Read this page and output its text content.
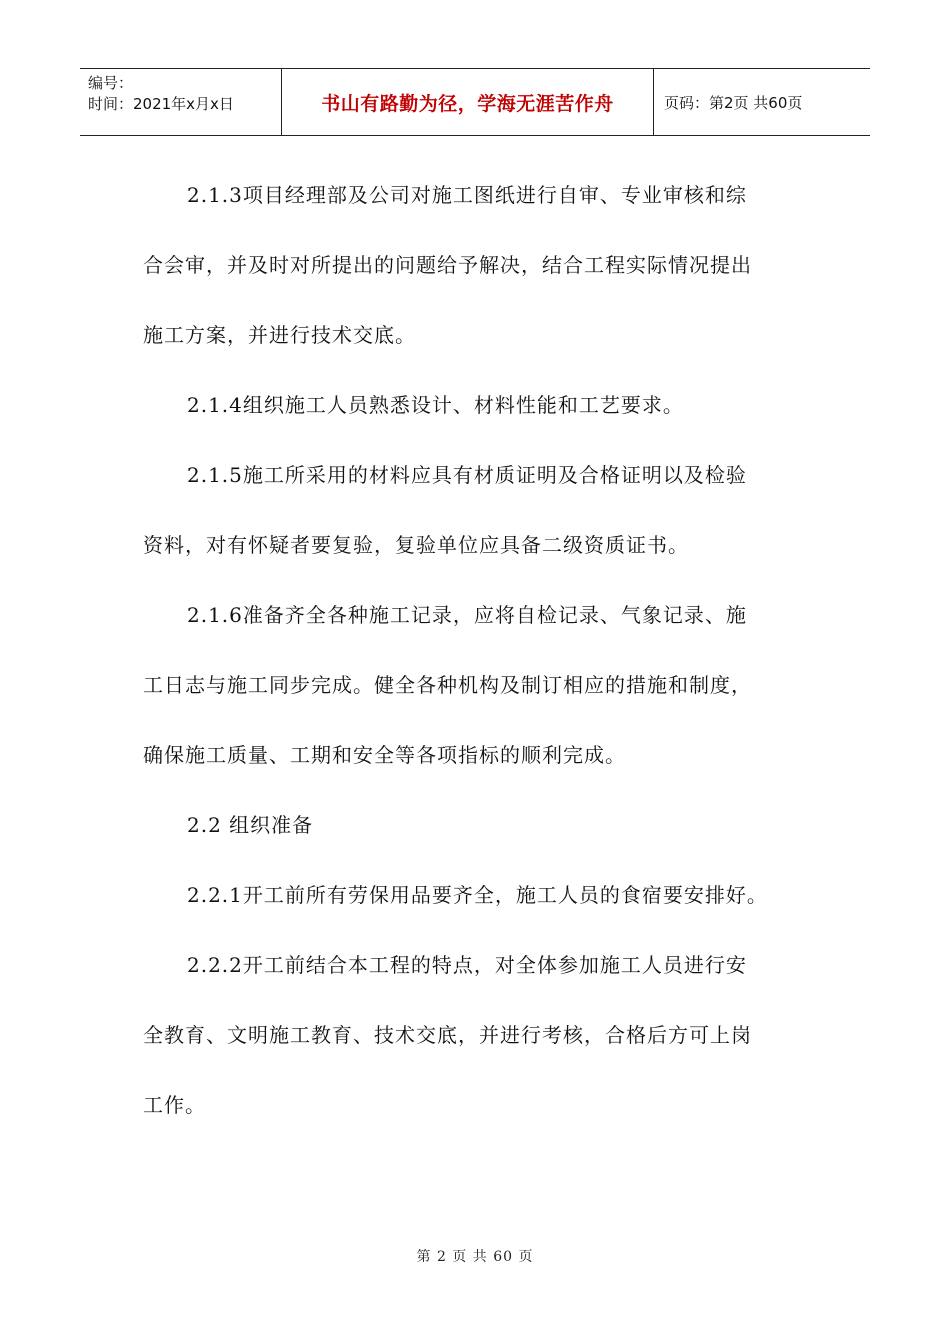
编号：
时间：2021年x月x日	书山有路勤为径，学海无涯苦作舟	页码：第2页 共60页

2.1.3项目经理部及公司对施工图纸进行自审、专业审核和综

合会审，并及时对所提出的问题给予解决，结合工程实际情况提出

施工方案，并进行技术交底。

2.1.4组织施工人员熟悉设计、材料性能和工艺要求。

2.1.5施工所采用的材料应具有材质证明及合格证明以及检验

资料，对有怀疑者要复验，复验单位应具备二级资质证书。

2.1.6准备齐全各种施工记录，应将自检记录、气象记录、施

工日志与施工同步完成。健全各种机构及制订相应的措施和制度，

确保施工质量、工期和安全等各项指标的顺利完成。

2.2 组织准备

2.2.1开工前所有劳保用品要齐全，施工人员的食宿要安排好。

2.2.2开工前结合本工程的特点，对全体参加施工人员进行安

全教育、文明施工教育、技术交底，并进行考核，合格后方可上岗

工作。

第 2 页 共 60 页
